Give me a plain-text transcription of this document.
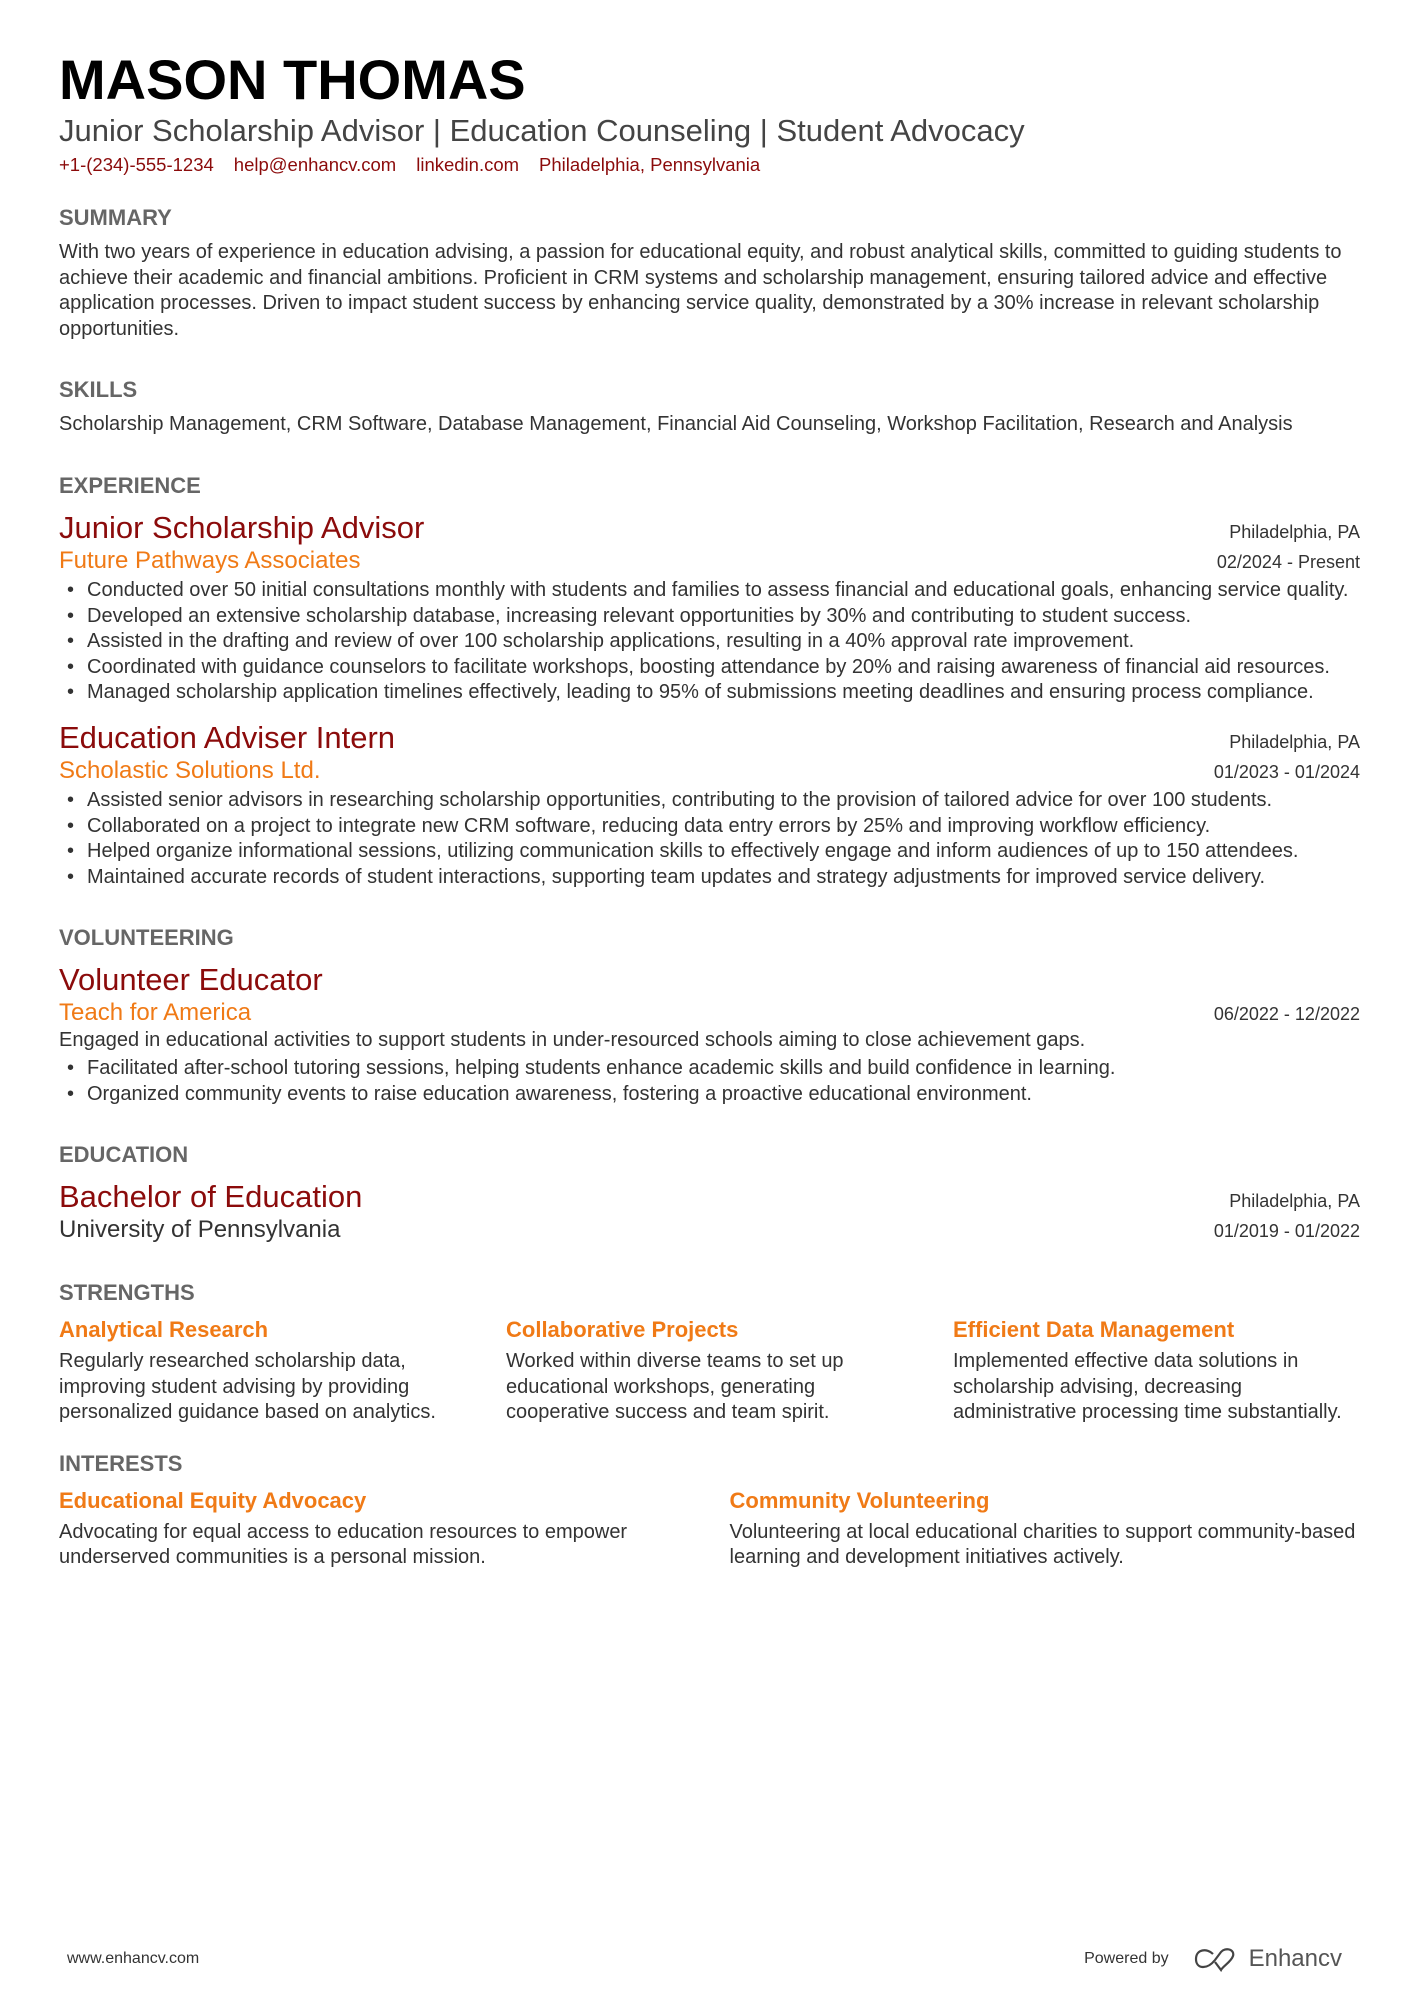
MASON THOMAS
Junior Scholarship Advisor | Education Counseling | Student Advocacy
+1-(234)-555-1234 help@enhancv.com linkedin.com Philadelphia, Pennsylvania
SUMMARY
With two years of experience in education advising, a passion for educational equity, and robust analytical skills, committed to guiding students to achieve their academic and financial ambitions. Proficient in CRM systems and scholarship management, ensuring tailored advice and effective application processes. Driven to impact student success by enhancing service quality, demonstrated by a 30% increase in relevant scholarship opportunities.
SKILLS
Scholarship Management, CRM Software, Database Management, Financial Aid Counseling, Workshop Facilitation, Research and Analysis
EXPERIENCE
Junior Scholarship Advisor	Philadelphia, PA
Future Pathways Associates	02/2024 - Present
• Conducted over 50 initial consultations monthly with students and families to assess financial and educational goals, enhancing service quality.
• Developed an extensive scholarship database, increasing relevant opportunities by 30% and contributing to student success.
• Assisted in the drafting and review of over 100 scholarship applications, resulting in a 40% approval rate improvement.
• Coordinated with guidance counselors to facilitate workshops, boosting attendance by 20% and raising awareness of financial aid resources.
• Managed scholarship application timelines effectively, leading to 95% of submissions meeting deadlines and ensuring process compliance.
Education Adviser Intern	Philadelphia, PA
Scholastic Solutions Ltd.	01/2023 - 01/2024
• Assisted senior advisors in researching scholarship opportunities, contributing to the provision of tailored advice for over 100 students.
• Collaborated on a project to integrate new CRM software, reducing data entry errors by 25% and improving workflow efficiency.
• Helped organize informational sessions, utilizing communication skills to effectively engage and inform audiences of up to 150 attendees.
• Maintained accurate records of student interactions, supporting team updates and strategy adjustments for improved service delivery.
VOLUNTEERING
Volunteer Educator
Teach for America	06/2022 - 12/2022
Engaged in educational activities to support students in under-resourced schools aiming to close achievement gaps.
• Facilitated after-school tutoring sessions, helping students enhance academic skills and build confidence in learning.
• Organized community events to raise education awareness, fostering a proactive educational environment.
EDUCATION
Bachelor of Education	Philadelphia, PA
University of Pennsylvania	01/2019 - 01/2022
STRENGTHS
Analytical Research
Regularly researched scholarship data, improving student advising by providing personalized guidance based on analytics.
Collaborative Projects
Worked within diverse teams to set up educational workshops, generating cooperative success and team spirit.
Efficient Data Management
Implemented effective data solutions in scholarship advising, decreasing administrative processing time substantially.
INTERESTS
Educational Equity Advocacy
Advocating for equal access to education resources to empower underserved communities is a personal mission.
Community Volunteering
Volunteering at local educational charities to support community-based learning and development initiatives actively.
www.enhancv.com	Powered by	Enhancv
